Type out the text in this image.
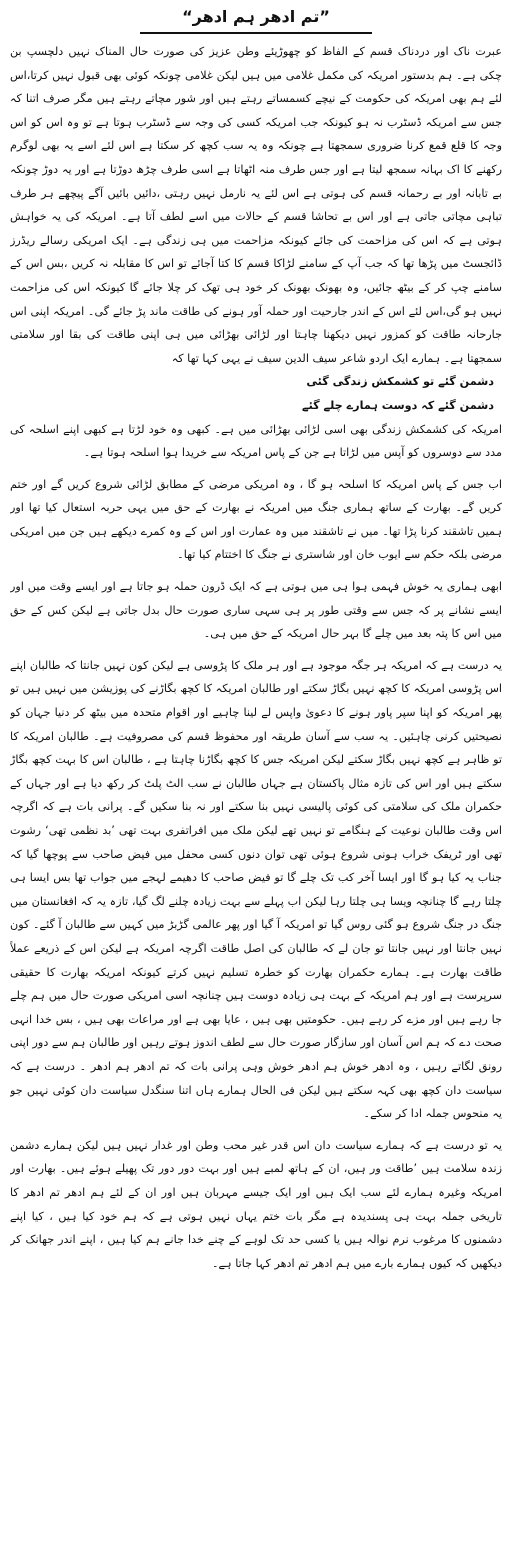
”تم ادھر ہم ادھر“

عبرت ناک اور دردناک قسم کے الفاظ کو چھوڑیئے وطن عزیز کی صورت حال المناک نہیں دلچسپ بن چکی ہے۔ ہم بدستور امریکہ کی مکمل غلامی میں ہیں لیکن غلامی چونکہ کوئی بھی قبول نہیں کرتا،اس لئے ہم بھی امریکہ کی حکومت کے نیچے کسمساتے رہتے ہیں اور شور مچاتے رہتے ہیں مگر صرف اتنا کہ جس سے امریکہ ڈسٹرب نہ ہو کیونکہ جب امریکہ کسی کی وجہ سے ڈسٹرب ہوتا ہے تو وہ اس کو اس وجہ کا قلع قمع کرنا ضروری سمجھتا ہے چونکہ وہ یہ سب کچھ کر سکتا ہے اس لئے اسے یہ بھی لوگرم رکھنے کا اک بہانہ سمجھ لیتا ہے اور جس طرف منہ اٹھاتا ہے اسی طرف چڑھ دوڑتا ہے اور یہ دوڑ چونکہ بے تابانہ اور بے رحمانہ قسم کی ہوتی ہے اس لئے یہ نارمل نہیں رہتی ،دائیں بائیں آگے پیچھے ہر طرف تباہی مچاتی جاتی ہے اور اس بے تحاشا قسم کے حالات میں اسے لطف آتا ہے۔ امریکہ کی یہ خواہش ہوتی ہے کہ اس کی مزاحمت کی جائے کیونکہ مزاحمت میں ہی زندگی ہے۔ ایک امریکی رسالے ریڈرز ڈائجسٹ میں پڑھا تھا کہ جب آپ کے سامنے لڑاکا قسم کا کتا آجائے تو اس کا مقابلہ نہ کریں ،بس اس کے سامنے چپ کر کے بیٹھ جائیں، وہ بھونک بھونک کر خود ہی تھک کر چلا جائے گا کیونکہ اس کی مزاحمت نہیں ہو گی،اس لئے اس کے اندر جارحیت اور حملہ آور ہونے کی طاقت ماند پڑ جائے گی۔ امریکہ اپنی اس جارحانہ طاقت کو کمزور نہیں دیکھنا چاہتا اور لڑائی بھڑائی میں ہی اپنی طاقت کی بقا اور سلامتی سمجھتا ہے۔ ہمارے ایک اردو شاعر سیف الدین سیف نے یہی کہا تھا کہ

دشمن گئے تو کشمکش زندگی گئی
دشمن گئے کہ دوست ہمارے چلے گئے

امریکہ کی کشمکش زندگی بھی اسی لڑائی بھڑائی میں ہے۔ کبھی وہ خود لڑتا ہے کبھی اپنے اسلحہ کی مدد سے دوسروں کو آپس میں لڑاتا ہے جن کے پاس امریکہ سے خریدا ہوا اسلحہ ہوتا ہے۔

اب جس کے پاس امریکہ کا اسلحہ ہو گا ، وہ امریکی مرضی کے مطابق لڑائی شروع کریں گے اور ختم کریں گے۔ بھارت کے ساتھ ہماری جنگ میں امریکہ نے بھارت کے حق میں یہی حربہ استعال کیا تھا اور ہمیں تاشقند کرنا پڑا تھا۔ میں نے تاشقند میں وہ عمارت اور اس کے وہ کمرے دیکھے ہیں جن میں امریکی مرضی بلکہ حکم سے ایوب خان اور شاستری نے جنگ کا اختتام کیا تھا۔

ابھی ہماری یہ خوش فہمی ہوا ہی میں ہوتی ہے کہ ایک ڈرون حملہ ہو جاتا ہے اور ایسے وقت میں اور ایسے نشانے پر کہ جس سے وقتی طور پر ہی سہی ساری صورت حال بدل جاتی ہے لیکن کس کے حق میں اس کا پتہ بعد میں چلے گا بہر حال امریکہ کے حق میں ہی۔

یہ درست ہے کہ امریکہ ہر جگہ موجود ہے اور ہر ملک کا پڑوسی ہے لیکن کون نہیں جانتا کہ طالبان اپنے اس پڑوسی امریکہ کا کچھ نہیں بگاڑ سکتے اور طالبان امریکہ کا کچھ بگاڑنے کی پوزیشن میں نہیں ہیں تو پھر امریکہ کو اپنا سپر پاور ہونے کا دعویٰ واپس لے لینا چاہیے اور اقوام متحدہ میں بیٹھ کر دنیا جہان کو نصیحتیں کرنی چاہئیں۔ یہ سب سے آسان طریقہ اور محفوظ قسم کی مصروفیت ہے۔ طالبان امریکہ کا تو ظاہر ہے کچھ نہیں بگاڑ سکتے لیکن امریکہ جس کا کچھ بگاڑنا چاہتا ہے ، طالبان اس کا بہت کچھ بگاڑ سکتے ہیں اور اس کی تازہ مثال پاکستان ہے جہاں طالبان نے سب الٹ پلٹ کر رکھ دیا ہے اور جہاں کے حکمران ملک کی سلامتی کی کوئی پالیسی نہیں بنا سکتے اور نہ بنا سکیں گے۔ پرانی بات ہے کہ اگرچہ اس وقت طالبان نوعیت کے ہنگامے تو نہیں تھے لیکن ملک میں افراتفری بہت تھی ’بد نظمی تھی‘ رشوت تھی اور ٹریفک خراب ہونی شروع ہوئی تھی توان دنوں کسی محفل میں فیض صاحب سے پوچھا گیا کہ جناب یہ کیا ہو گا اور ایسا آخر کب تک چلے گا تو فیض صاحب کا دھیمے لہجے میں جواب تھا بس ایسا ہی چلتا رہے گا چنانچہ ویسا ہی چلتا رہا لیکن اب پہلے سے بہت زیادہ چلنے لگ گیا، تازہ یہ کہ افغانستان میں جنگ در جنگ شروع ہو گئی روس گیا تو امریکہ آ گیا اور پھر عالمی گڑبڑ میں کہیں سے طالبان آ گئے۔ کون نہیں جانتا اور نہیں جانتا تو جان لے کہ طالبان کی اصل طاقت اگرچہ امریکہ ہے لیکن اس کے ذریعے عملاً طاقت بھارت ہے۔ ہمارے حکمران بھارت کو خطرہ تسلیم نہیں کرتے کیونکہ امریکہ بھارت کا حقیقی سرپرست ہے اور ہم امریکہ کے بہت ہی زیادہ دوست ہیں چنانچہ اسی امریکی صورت حال میں ہم چلے جا رہے ہیں اور مزے کر رہے ہیں۔ حکومتیں بھی ہیں ، عایا بھی ہے اور مراعات بھی ہیں ، بس خدا انہی صحت دے کہ ہم اس آسان اور سازگار صورت حال سے لطف اندوز ہوتے رہیں اور طالبان ہم سے دور اپنی رونق لگاتے رہیں ، وہ ادھر خوش ہم ادھر خوش وہی پرانی بات کہ تم ادھر ہم ادھر ۔ درست ہے کہ سیاست دان کچھ بھی کہہ سکتے ہیں لیکن فی الحال ہمارے ہاں اتنا سنگدل سیاست دان کوئی نہیں جو یہ منحوس جملہ ادا کر سکے۔

یہ تو درست ہے کہ ہمارے سیاست دان اس قدر غیر محب وطن اور غدار نہیں ہیں لیکن ہمارے دشمن زندہ سلامت ہیں ’طاقت ور ہیں، ان کے ہاتھ لمبے ہیں اور بہت دور دور تک پھیلے ہوئے ہیں۔ بھارت اور امریکہ وغیرہ ہمارے لئے سب ایک ہیں اور ایک جیسے مہربان ہیں اور ان کے لئے ہم ادھر تم ادھر کا تاریخی جملہ بہت ہی پسندیدہ ہے مگر بات ختم یہاں نہیں ہوتی ہے کہ ہم خود کیا ہیں ، کیا اپنے دشمنوں کا مرغوب نرم نوالہ ہیں یا کسی حد تک لوہے کے چنے خدا جانے ہم کیا ہیں ، اپنے اندر جھانک کر دیکھیں کہ کیوں ہمارے بارے میں ہم ادھر تم ادھر کہا جاتا ہے۔
